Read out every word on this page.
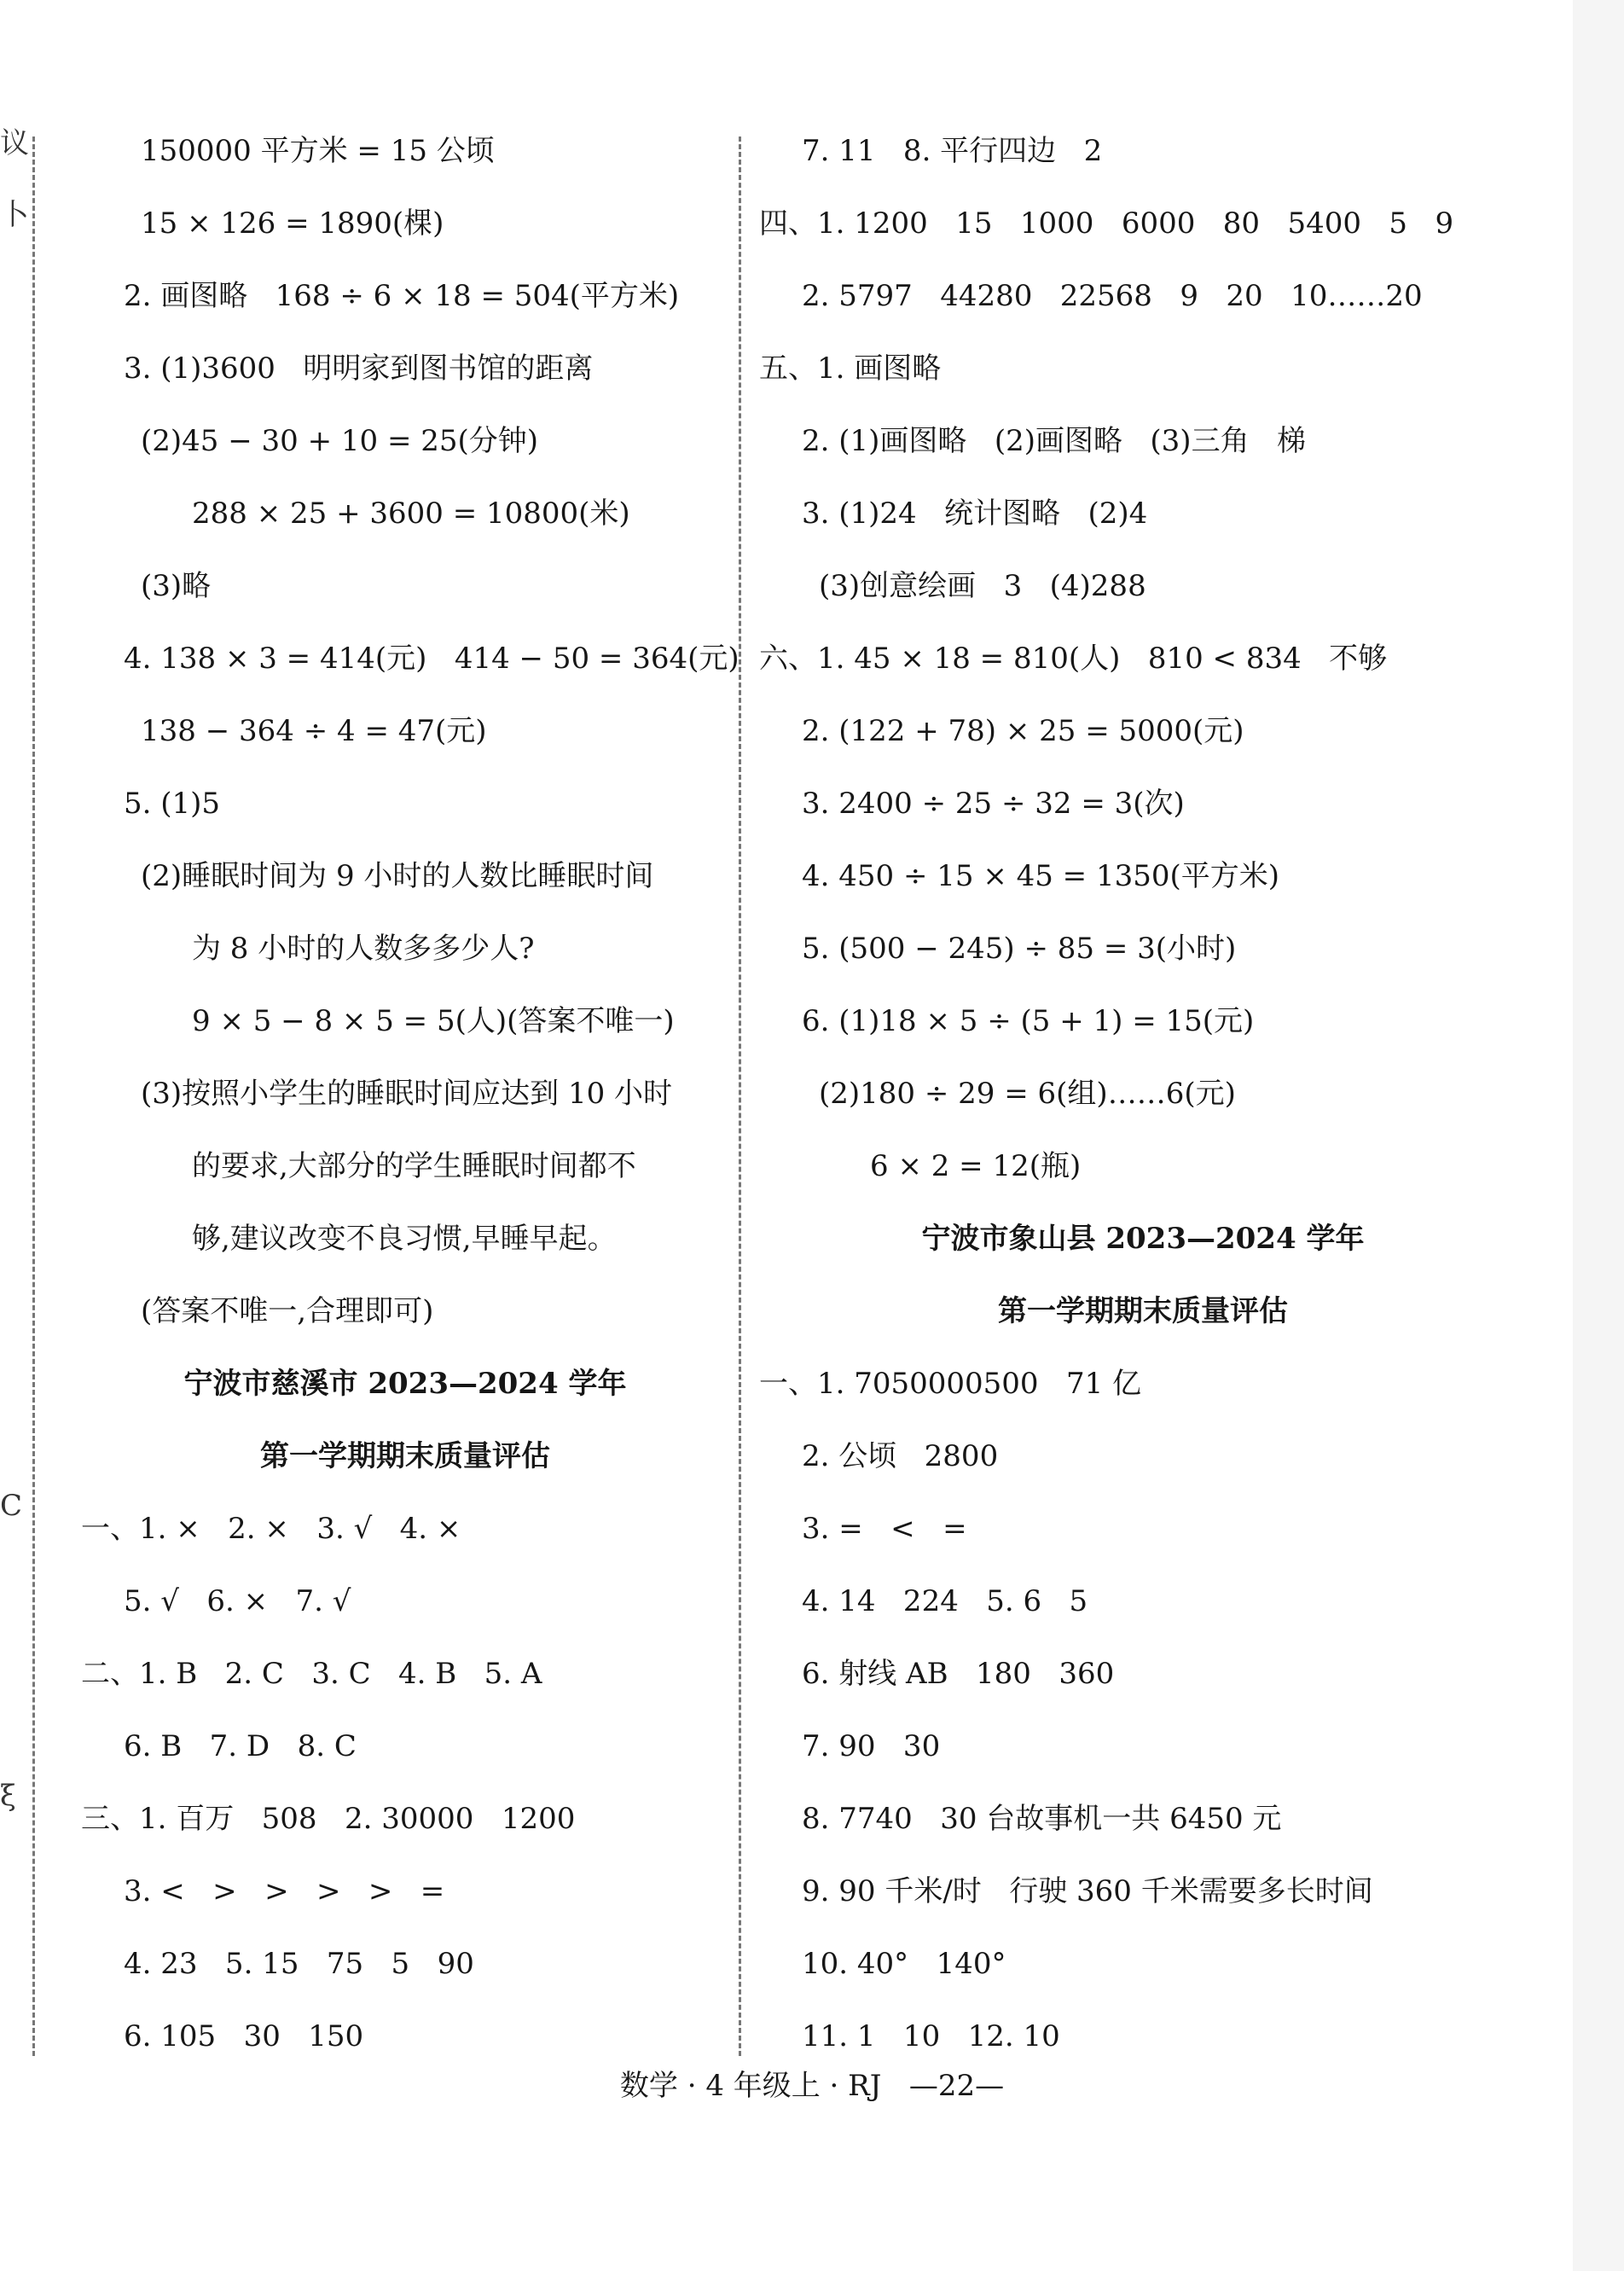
议
卜
C
ξ
150000 平方米 = 15 公顷
15 × 126 = 1890(棵)
2. 画图略   168 ÷ 6 × 18 = 504(平方米)
3. (1)3600   明明家到图书馆的距离
(2)45 − 30 + 10 = 25(分钟)
288 × 25 + 3600 = 10800(米)
(3)略
4. 138 × 3 = 414(元)   414 − 50 = 364(元)
138 − 364 ÷ 4 = 47(元)
5. (1)5
(2)睡眠时间为 9 小时的人数比睡眠时间
为 8 小时的人数多多少人?
9 × 5 − 8 × 5 = 5(人)(答案不唯一)
(3)按照小学生的睡眠时间应达到 10 小时
的要求,大部分的学生睡眠时间都不
够,建议改变不良习惯,早睡早起。
(答案不唯一,合理即可)
宁波市慈溪市 2023—2024 学年
第一学期期末质量评估
一、1. ×   2. ×   3. √   4. ×
5. √   6. ×   7. √
二、1. B   2. C   3. C   4. B   5. A
6. B   7. D   8. C
三、1. 百万   508   2. 30000   1200
3. <   >   >   >   >   =
4. 23   5. 15   75   5   90
6. 105   30   150
7. 11   8. 平行四边   2
四、1. 1200   15   1000   6000   80   5400   5   9
2. 5797   44280   22568   9   20   10……20
五、1. 画图略
2. (1)画图略   (2)画图略   (3)三角   梯
3. (1)24   统计图略   (2)4
(3)创意绘画   3   (4)288
六、1. 45 × 18 = 810(人)   810 < 834   不够
2. (122 + 78) × 25 = 5000(元)
3. 2400 ÷ 25 ÷ 32 = 3(次)
4. 450 ÷ 15 × 45 = 1350(平方米)
5. (500 − 245) ÷ 85 = 3(小时)
6. (1)18 × 5 ÷ (5 + 1) = 15(元)
(2)180 ÷ 29 = 6(组)……6(元)
6 × 2 = 12(瓶)
宁波市象山县 2023—2024 学年
第一学期期末质量评估
一、1. 7050000500   71 亿
2. 公顷   2800
3. =   <   =
4. 14   224   5. 6   5
6. 射线 AB   180   360
7. 90   30
8. 7740   30 台故事机一共 6450 元
9. 90 千米/时   行驶 360 千米需要多长时间
10. 40°   140°
11. 1   10   12. 10
数学 · 4 年级上 · RJ   —22—
